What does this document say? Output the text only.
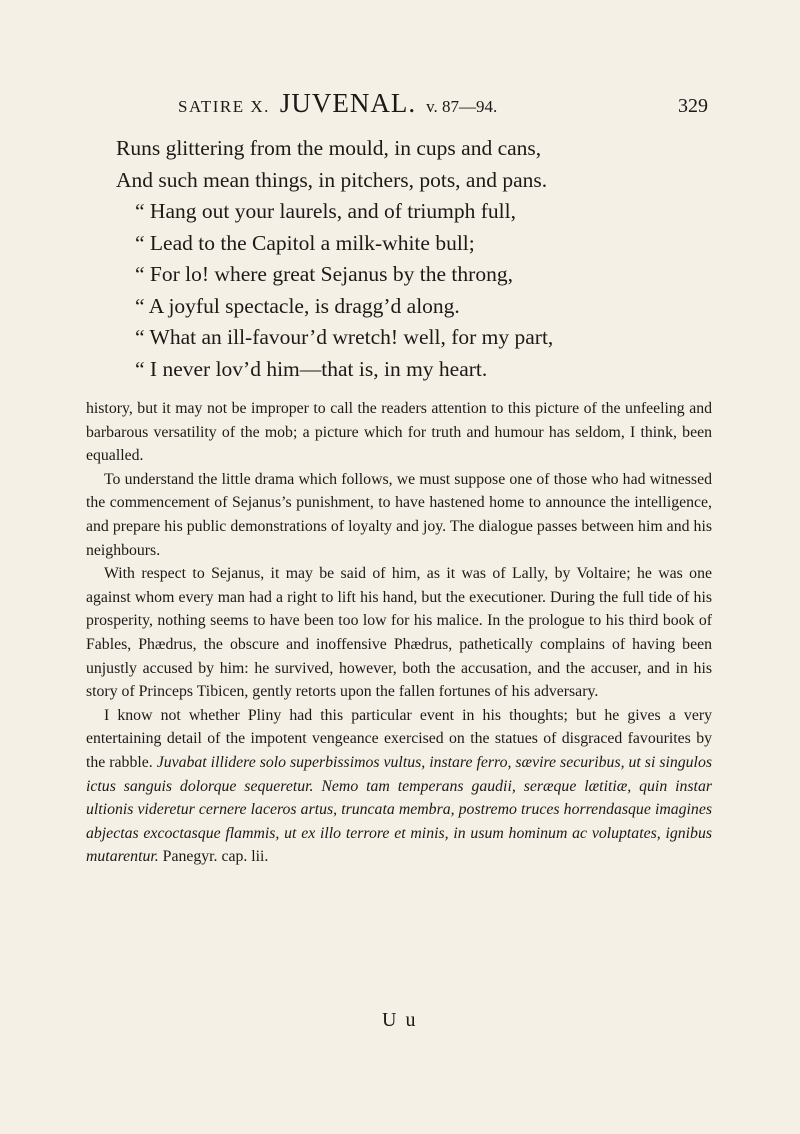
SATIRE X. JUVENAL. v. 87—94.	329
Runs glittering from the mould, in cups and cans,
And such mean things, in pitchers, pots, and pans.
“ Hang out your laurels, and of triumph full,
“ Lead to the Capitol a milk-white bull;
“ For lo! where great Sejanus by the throng,
“ A joyful spectacle, is dragg’d along.
“ What an ill-favour’d wretch! well, for my part,
“ I never lov’d him—that is, in my heart.

history, but it may not be improper to call the readers attention to this picture of the unfeeling and barbarous versatility of the mob; a picture which for truth and humour has seldom, I think, been equalled.

To understand the little drama which follows, we must suppose one of those who had witnessed the commencement of Sejanus’s punishment, to have hastened home to announce the intelligence, and prepare his public demonstrations of loyalty and joy. The dialogue passes between him and his neighbours.

With respect to Sejanus, it may be said of him, as it was of Lally, by Voltaire; he was one against whom every man had a right to lift his hand, but the executioner. During the full tide of his prosperity, nothing seems to have been too low for his malice. In the prologue to his third book of Fables, Phædrus, the obscure and inoffensive Phædrus, pathetically complains of having been unjustly accused by him: he survived, however, both the accusation, and the accuser, and in his story of Princeps Tibicen, gently retorts upon the fallen fortunes of his adversary.

I know not whether Pliny had this particular event in his thoughts; but he gives a very entertaining detail of the impotent vengeance exercised on the statues of disgraced favourites by the rabble. Juvabat illidere solo superbissimos vultus, instare ferro, sævire securibus, ut si singulos ictus sanguis dolorque sequeretur. Nemo tam temperans gaudii, seræque lætitiæ, quin instar ultionis videretur cernere laceros artus, truncata membra, postremo truces horrendasque imagines abjectas excoctasque flammis, ut ex illo terrore et minis, in usum hominum ac voluptates, ignibus mutarentur. Panegyr. cap. lii.

U u
